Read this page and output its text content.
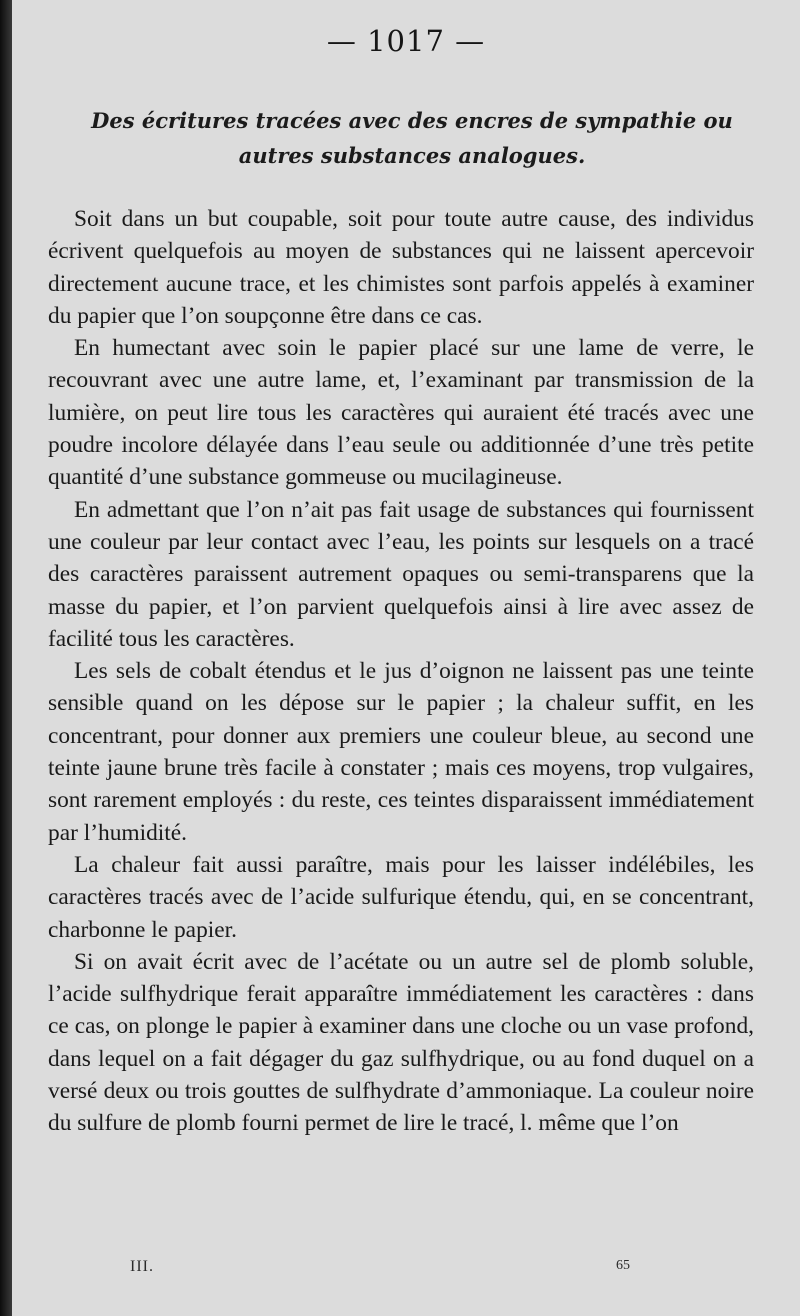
— 1017 —
Des écritures tracées avec des encres de sympathie ou autres substances analogues.

Soit dans un but coupable, soit pour toute autre cause, des individus écrivent quelquefois au moyen de substances qui ne laissent apercevoir directement aucune trace, et les chimistes sont parfois appelés à examiner du papier que l’on soupçonne être dans ce cas.

En humectant avec soin le papier placé sur une lame de verre, le recouvrant avec une autre lame, et, l’examinant par transmission de la lumière, on peut lire tous les caractères qui auraient été tracés avec une poudre incolore délayée dans l’eau seule ou additionnée d’une très petite quantité d’une substance gommeuse ou mucilagineuse.

En admettant que l’on n’ait pas fait usage de substances qui fournissent une couleur par leur contact avec l’eau, les points sur lesquels on a tracé des caractères paraissent autrement opaques ou semi-transparens que la masse du papier, et l’on parvient quelquefois ainsi à lire avec assez de facilité tous les caractères.

Les sels de cobalt étendus et le jus d’oignon ne laissent pas une teinte sensible quand on les dépose sur le papier ; la chaleur suffit, en les concentrant, pour donner aux premiers une couleur bleue, au second une teinte jaune brune très facile à constater ; mais ces moyens, trop vulgaires, sont rarement employés : du reste, ces teintes disparaissent immédiatement par l’humidité.

La chaleur fait aussi paraître, mais pour les laisser indélébiles, les caractères tracés avec de l’acide sulfurique étendu, qui, en se concentrant, charbonne le papier.

Si on avait écrit avec de l’acétate ou un autre sel de plomb soluble, l’acide sulfhydrique ferait apparaître immédiatement les caractères : dans ce cas, on plonge le papier à examiner dans une cloche ou un vase profond, dans lequel on a fait dégager du gaz sulfhydrique, ou au fond duquel on a versé deux ou trois gouttes de sulfhydrate d’ammoniaque. La couleur noire du sulfure de plomb fourni permet de lire le tracé, l. même que l’on

III.	65
